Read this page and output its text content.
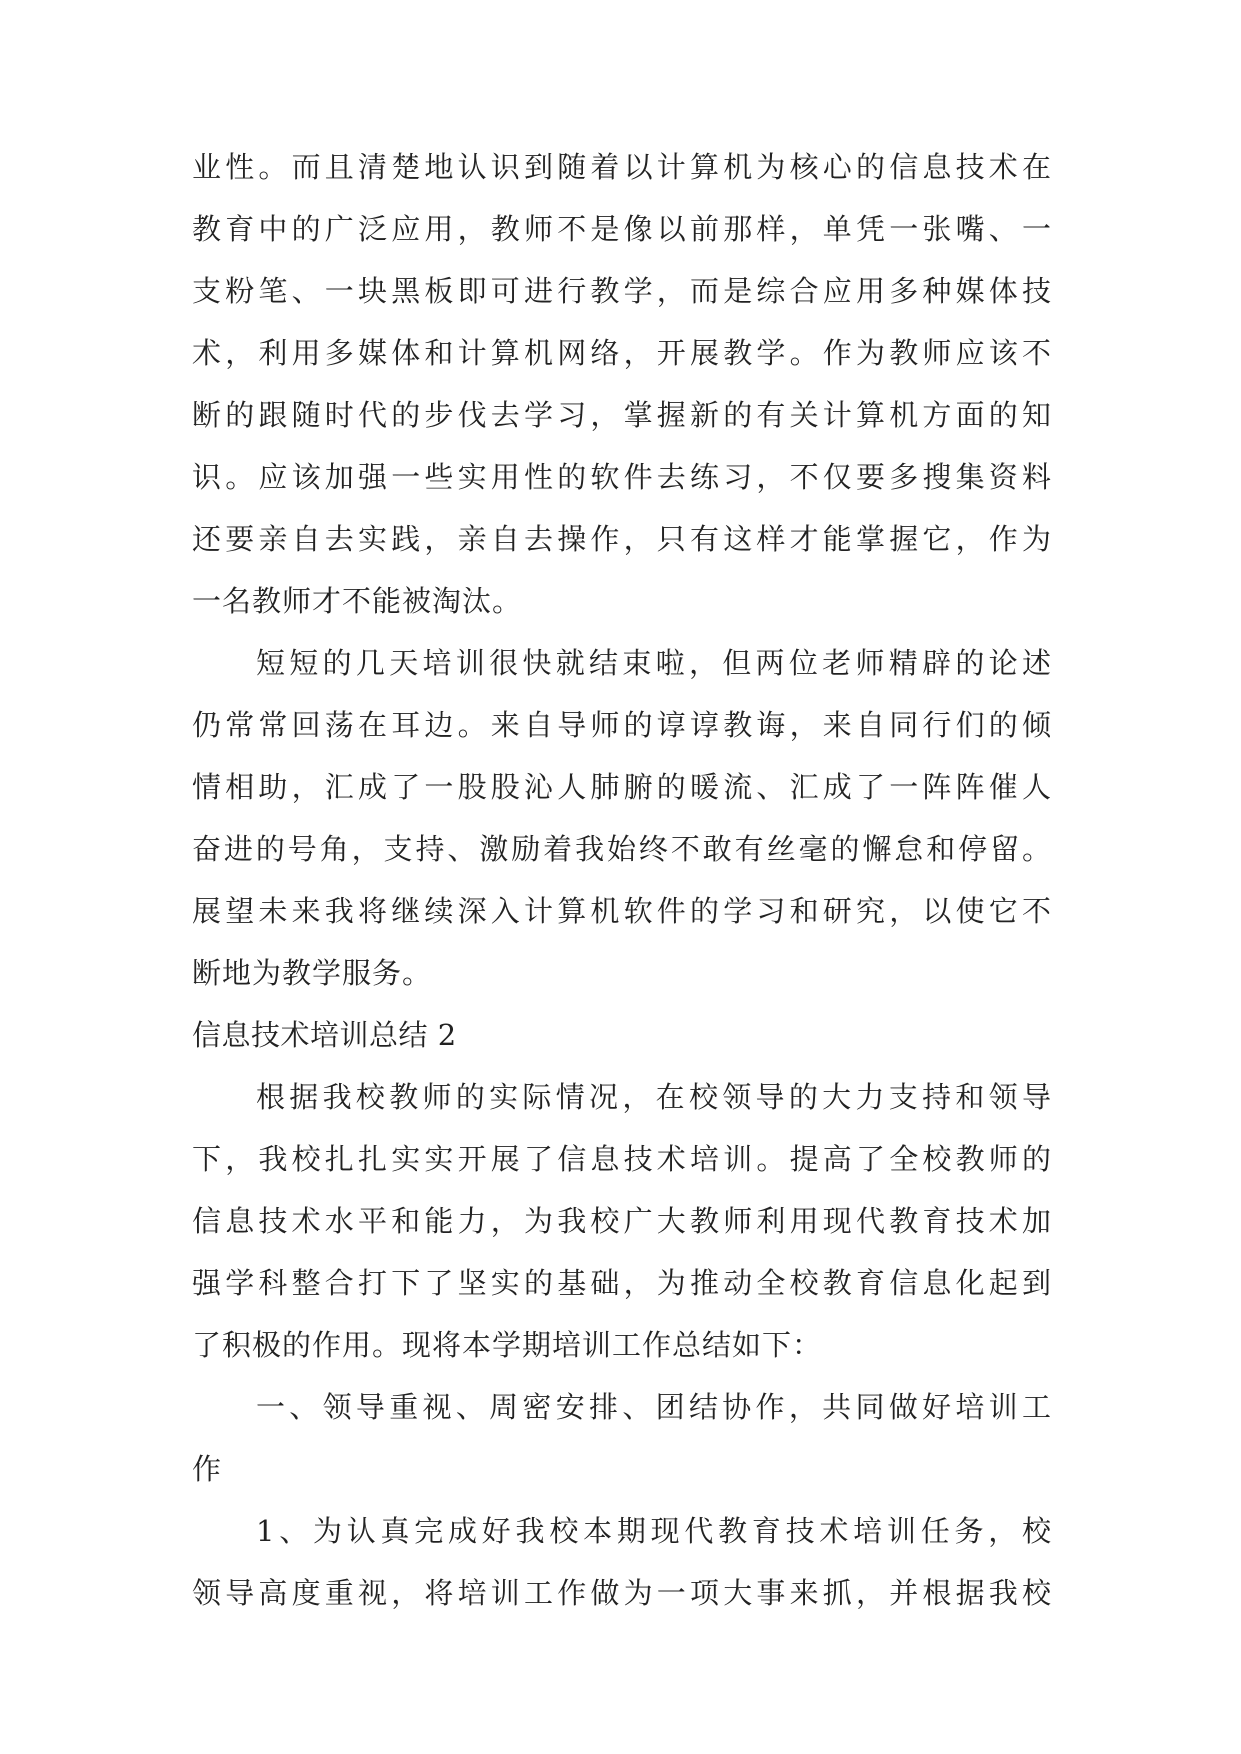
业性。而且清楚地认识到随着以计算机为核心的信息技术在
教育中的广泛应用，教师不是像以前那样，单凭一张嘴、一
支粉笔、一块黑板即可进行教学，而是综合应用多种媒体技
术，利用多媒体和计算机网络，开展教学。作为教师应该不
断的跟随时代的步伐去学习，掌握新的有关计算机方面的知
识。应该加强一些实用性的软件去练习，不仅要多搜集资料
还要亲自去实践，亲自去操作，只有这样才能掌握它，作为
一名教师才不能被淘汰。
短短的几天培训很快就结束啦，但两位老师精辟的论述
仍常常回荡在耳边。来自导师的谆谆教诲，来自同行们的倾
情相助，汇成了一股股沁人肺腑的暖流、汇成了一阵阵催人
奋进的号角，支持、激励着我始终不敢有丝毫的懈怠和停留。
展望未来我将继续深入计算机软件的学习和研究，以使它不
断地为教学服务。
信息技术培训总结 2
根据我校教师的实际情况，在校领导的大力支持和领导
下，我校扎扎实实开展了信息技术培训。提高了全校教师的
信息技术水平和能力，为我校广大教师利用现代教育技术加
强学科整合打下了坚实的基础，为推动全校教育信息化起到
了积极的作用。现将本学期培训工作总结如下：
一、领导重视、周密安排、团结协作，共同做好培训工
作
1、为认真完成好我校本期现代教育技术培训任务，校
领导高度重视，将培训工作做为一项大事来抓，并根据我校
